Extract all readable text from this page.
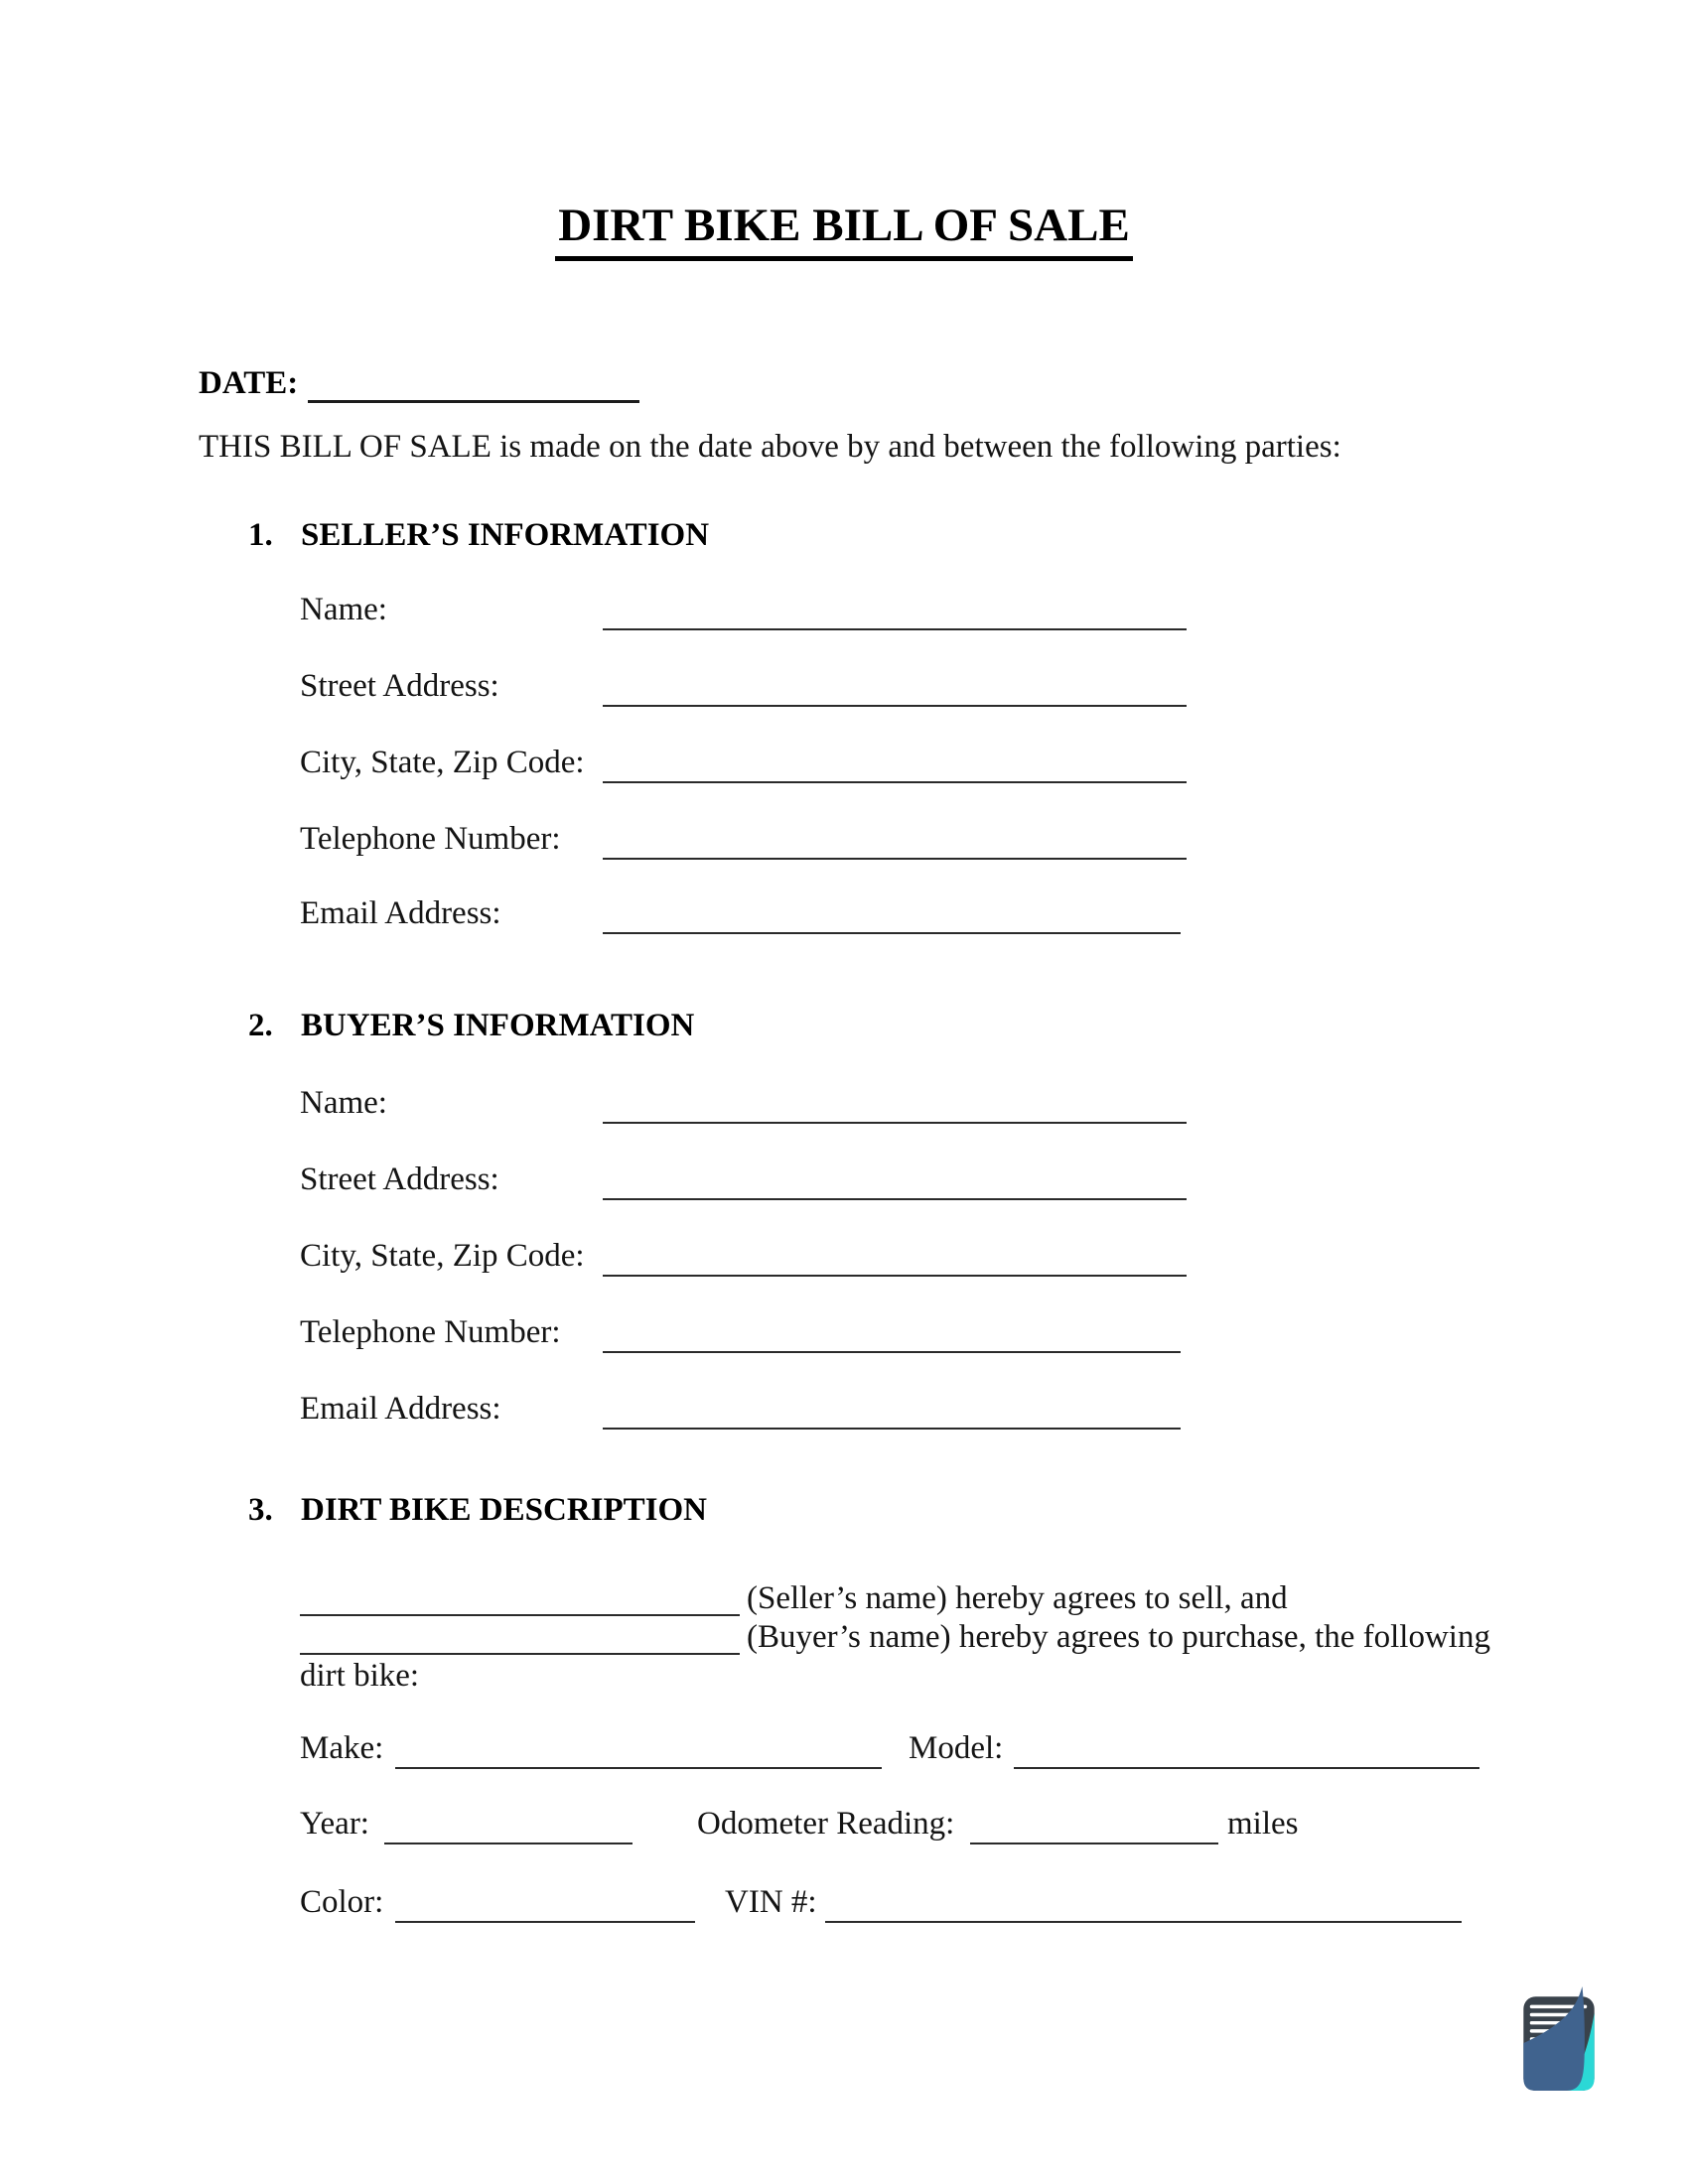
DIRT BIKE BILL OF SALE
DATE:
THIS BILL OF SALE is made on the date above by and between the following parties:
1. SELLER’S INFORMATION
Name:
Street Address:
City, State, Zip Code:
Telephone Number:
Email Address:
2. BUYER’S INFORMATION
Name:
Street Address:
City, State, Zip Code:
Telephone Number:
Email Address:
3. DIRT BIKE DESCRIPTION
(Seller’s name) hereby agrees to sell, and
(Buyer’s name) hereby agrees to purchase, the following
dirt bike:
Make:	Model:
Year:	Odometer Reading:	miles
Color:	VIN #:
